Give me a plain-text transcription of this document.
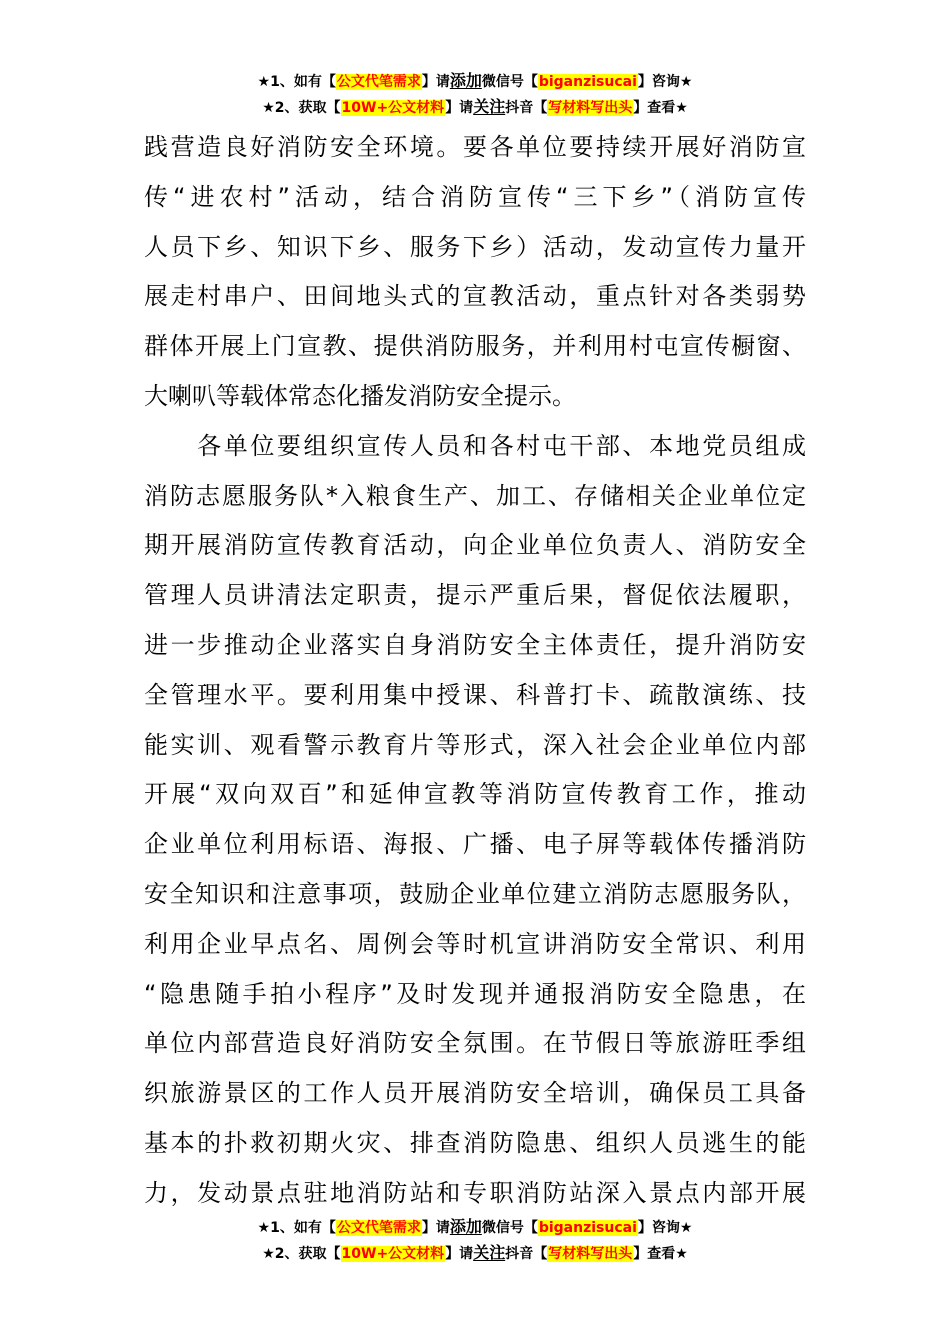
★1、如有【公文代笔需求】请添加微信号【biganzisucai】咨询★
★2、获取【10W+公文材料】请关注抖音【写材料写出头】查看★
践营造良好消防安全环境。要各单位要持续开展好消防宣
传“进农村”活动，结合消防宣传“三下乡”（消防宣传
人员下乡、知识下乡、服务下乡）活动，发动宣传力量开
展走村串户、田间地头式的宣教活动，重点针对各类弱势
群体开展上门宣教、提供消防服务，并利用村屯宣传橱窗、
大喇叭等载体常态化播发消防安全提示。
　　各单位要组织宣传人员和各村屯干部、本地党员组成
消防志愿服务队*入粮食生产、加工、存储相关企业单位定
期开展消防宣传教育活动，向企业单位负责人、消防安全
管理人员讲清法定职责，提示严重后果，督促依法履职，
进一步推动企业落实自身消防安全主体责任，提升消防安
全管理水平。要利用集中授课、科普打卡、疏散演练、技
能实训、观看警示教育片等形式，深入社会企业单位内部
开展“双向双百”和延伸宣教等消防宣传教育工作，推动
企业单位利用标语、海报、广播、电子屏等载体传播消防
安全知识和注意事项，鼓励企业单位建立消防志愿服务队，
利用企业早点名、周例会等时机宣讲消防安全常识、利用
“隐患随手拍小程序”及时发现并通报消防安全隐患，在
单位内部营造良好消防安全氛围。在节假日等旅游旺季组
织旅游景区的工作人员开展消防安全培训，确保员工具备
基本的扑救初期火灾、排查消防隐患、组织人员逃生的能
力，发动景点驻地消防站和专职消防站深入景点内部开展
★1、如有【公文代笔需求】请添加微信号【biganzisucai】咨询★
★2、获取【10W+公文材料】请关注抖音【写材料写出头】查看★
